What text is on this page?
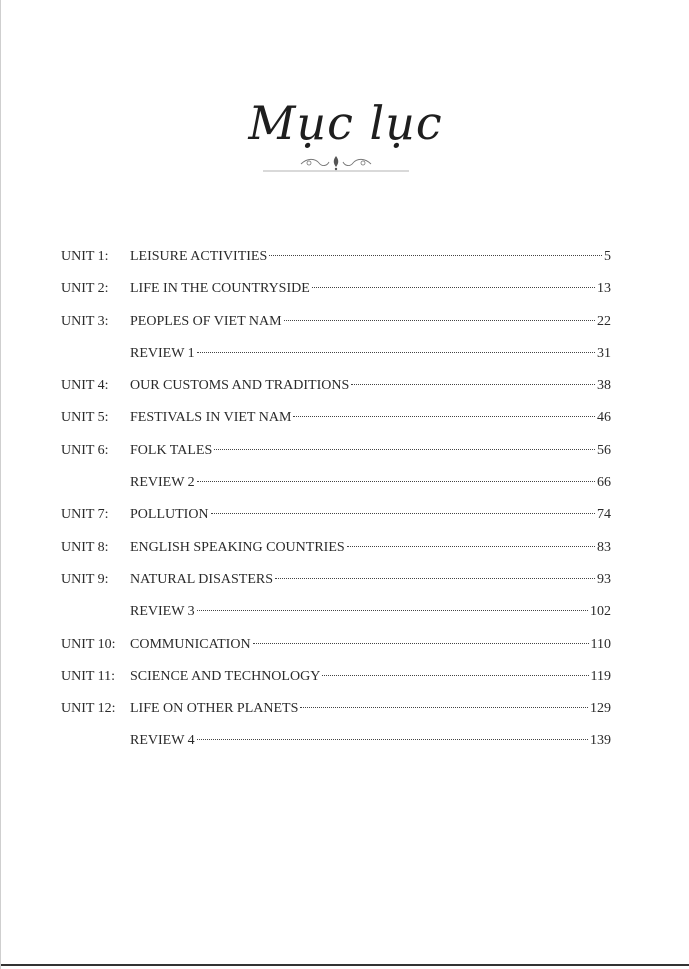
Mục lục
UNIT 1:	LEISURE ACTIVITIES	5
UNIT 2:	LIFE IN THE COUNTRYSIDE	13
UNIT 3:	PEOPLES OF VIET NAM	22
REVIEW 1	31
UNIT 4:	OUR CUSTOMS AND TRADITIONS	38
UNIT 5:	FESTIVALS IN VIET NAM	46
UNIT 6:	FOLK TALES	56
REVIEW 2	66
UNIT 7:	POLLUTION	74
UNIT 8:	ENGLISH SPEAKING COUNTRIES	83
UNIT 9:	NATURAL DISASTERS	93
REVIEW 3	102
UNIT 10:	COMMUNICATION	110
UNIT 11:	SCIENCE AND TECHNOLOGY	119
UNIT 12:	LIFE ON OTHER PLANETS	129
REVIEW 4	139
